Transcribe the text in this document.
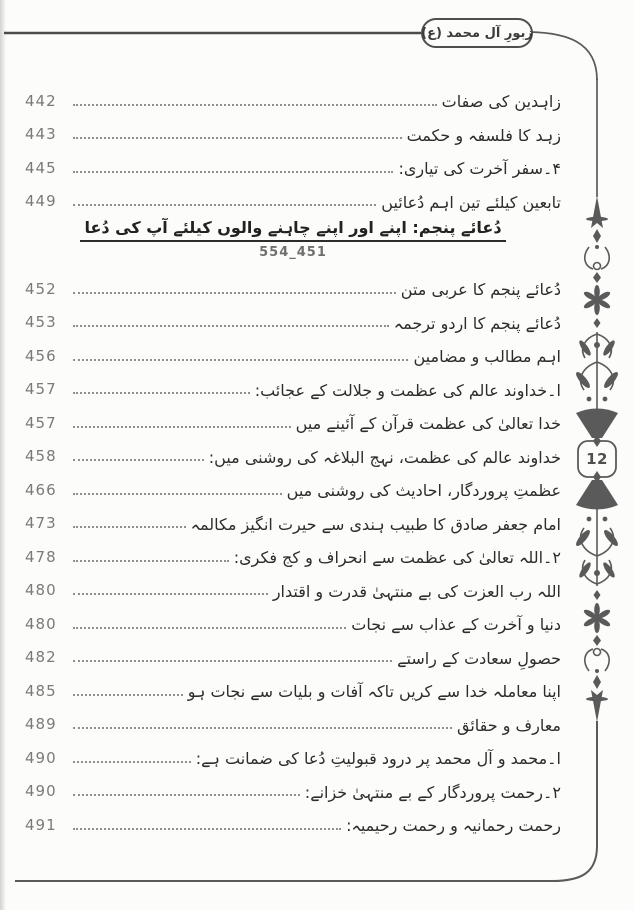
زبورِ آل محمد (ع)
12
442	زاہدین کی صفات
443	زہد کا فلسفہ و حکمت
445	۴۔سفر آخرت کی تیاری:
449	تابعین کیلئے تین اہم دُعائیں
دُعائے پنجم: اپنے اور اپنے چاہنے والوں کیلئے آپ کی دُعا
554_451
452	دُعائے پنجم کا عربی متن
453	دُعائے پنجم کا اردو ترجمہ
456	اہم مطالب و مضامین
457	ا۔خداوند عالم کی عظمت و جلالت کے عجائب:
457	خدا تعالیٰ کی عظمت قرآن کے آئینے میں
458	خداوند عالم کی عظمت، نہج البلاغہ کی روشنی میں:
466	عظمتِ پروردگار، احادیث کی روشنی میں
473	امام جعفر صادق کا طبیب ہندی سے حیرت انگیز مکالمہ
478	۲۔اللہ تعالیٰ کی عظمت سے انحراف و کج فکری:
480	اللہ رب العزت کی بے منتہیٰ قدرت و اقتدار
480	دنیا و آخرت کے عذاب سے نجات
482	حصولِ سعادت کے راستے
485	اپنا معاملہ خدا سے کریں تاکہ آفات و بلیات سے نجات ہو
489	معارف و حقائق
490	ا۔محمد و آل محمد پر درود قبولیتِ دُعا کی ضمانت ہے:
490	۲۔رحمت پروردگار کے بے منتہیٰ خزانے:
491	رحمت رحمانیہ و رحمت رحیمیہ:
